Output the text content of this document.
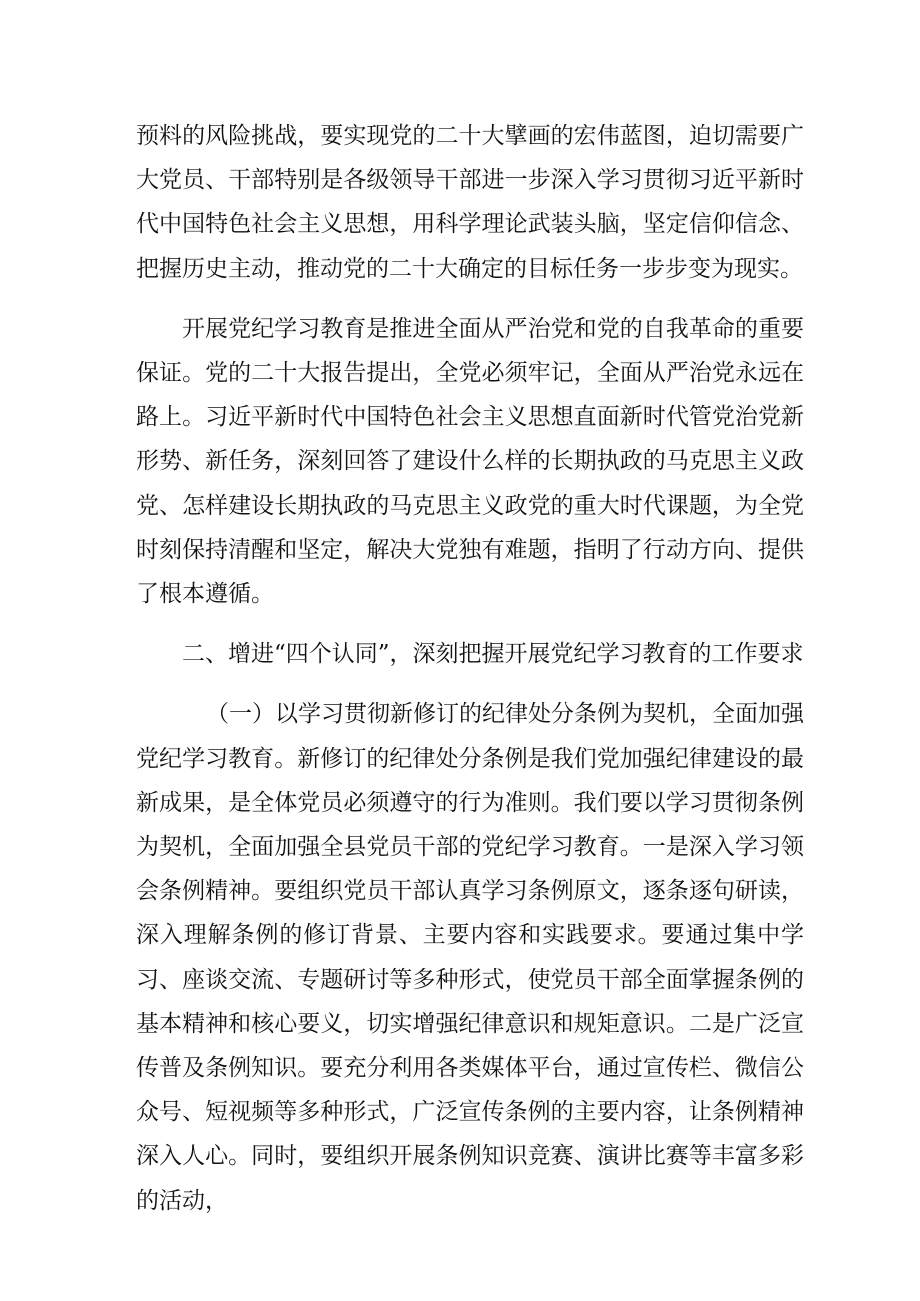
预料的风险挑战，要实现党的二十大擘画的宏伟蓝图，迫切需要广大党员、干部特别是各级领导干部进一步深入学习贯彻习近平新时代中国特色社会主义思想，用科学理论武装头脑，坚定信仰信念、把握历史主动，推动党的二十大确定的目标任务一步步变为现实。

开展党纪学习教育是推进全面从严治党和党的自我革命的重要保证。党的二十大报告提出，全党必须牢记，全面从严治党永远在路上。习近平新时代中国特色社会主义思想直面新时代管党治党新形势、新任务，深刻回答了建设什么样的长期执政的马克思主义政党、怎样建设长期执政的马克思主义政党的重大时代课题，为全党时刻保持清醒和坚定，解决大党独有难题，指明了行动方向、提供了根本遵循。

二、增进“四个认同”，深刻把握开展党纪学习教育的工作要求

（一）以学习贯彻新修订的纪律处分条例为契机，全面加强党纪学习教育。新修订的纪律处分条例是我们党加强纪律建设的最新成果，是全体党员必须遵守的行为准则。我们要以学习贯彻条例为契机，全面加强全县党员干部的党纪学习教育。一是深入学习领会条例精神。要组织党员干部认真学习条例原文，逐条逐句研读，深入理解条例的修订背景、主要内容和实践要求。要通过集中学习、座谈交流、专题研讨等多种形式，使党员干部全面掌握条例的基本精神和核心要义，切实增强纪律意识和规矩意识。二是广泛宣传普及条例知识。要充分利用各类媒体平台，通过宣传栏、微信公众号、短视频等多种形式，广泛宣传条例的主要内容，让条例精神深入人心。同时，要组织开展条例知识竞赛、演讲比赛等丰富多彩的活动，
